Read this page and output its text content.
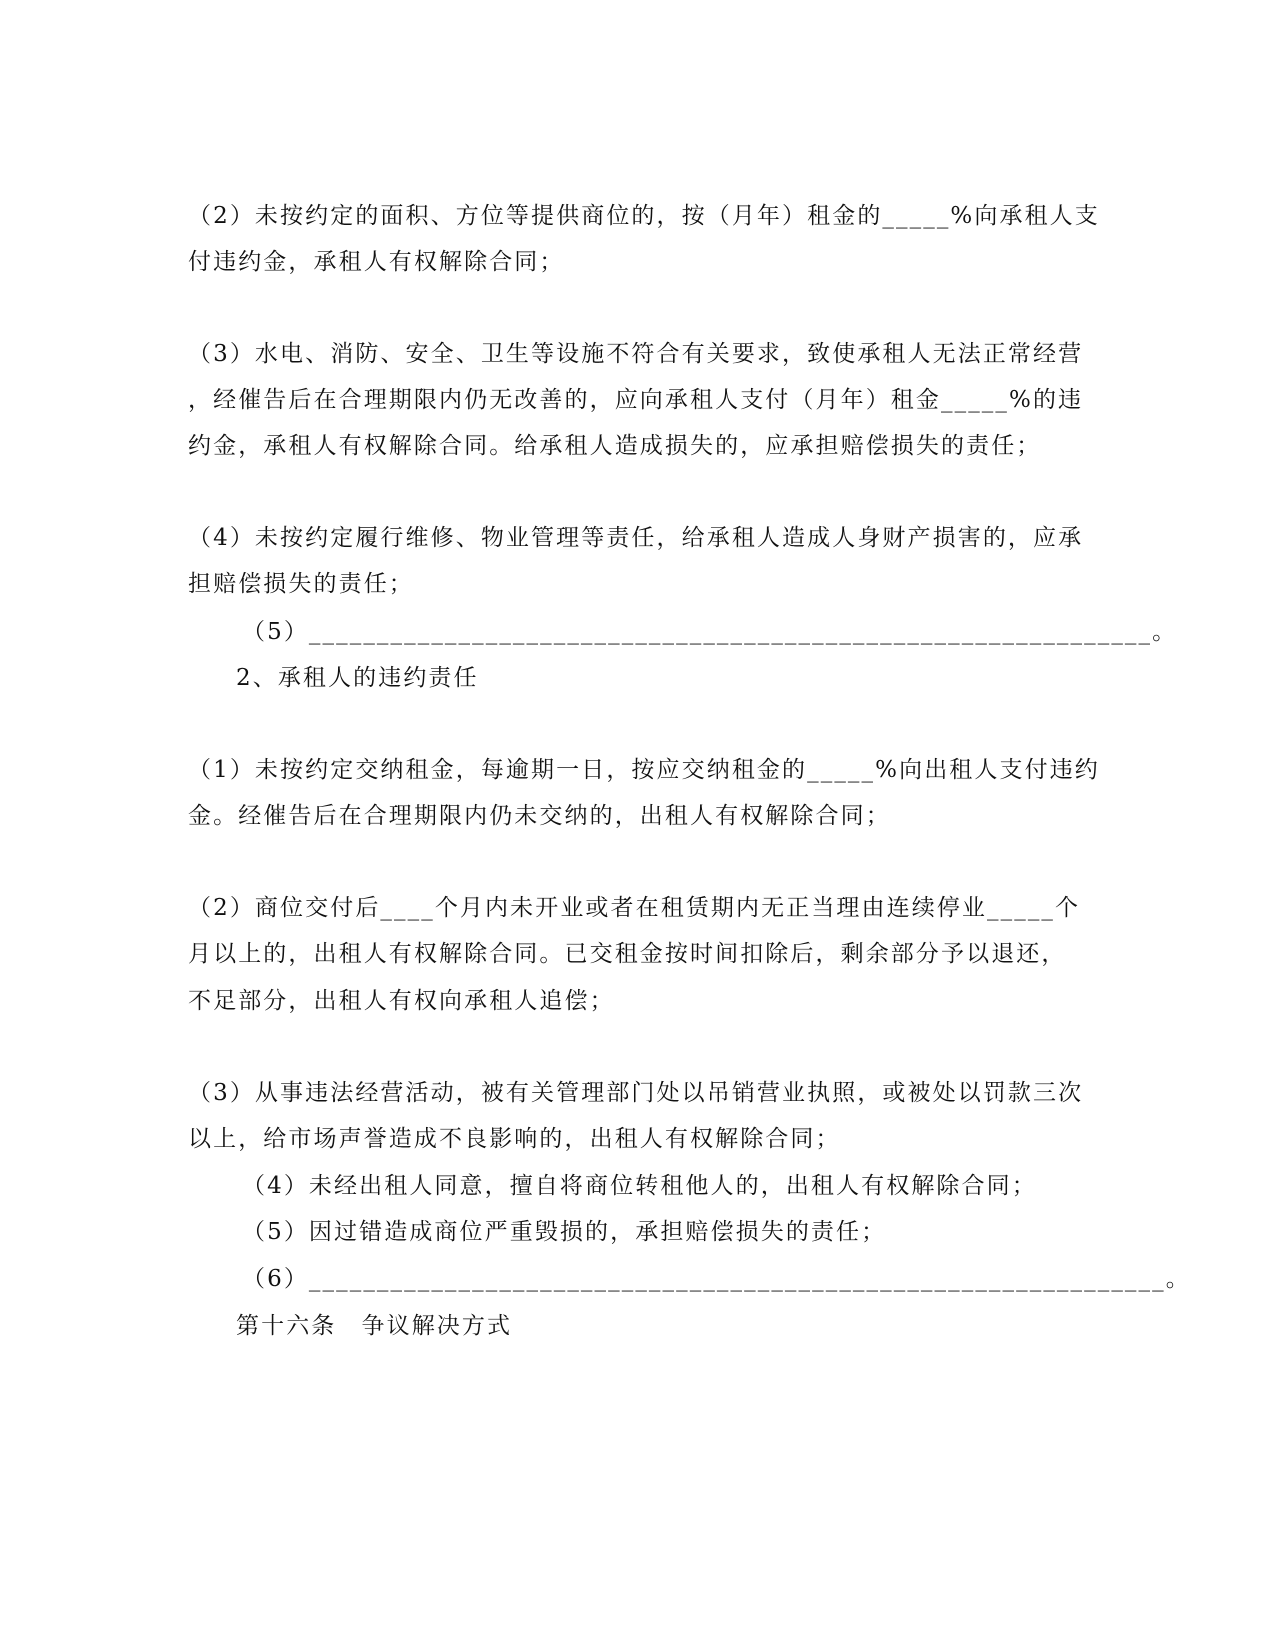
（2）未按约定的面积、方位等提供商位的，按（月年）租金的_____%向承租人支
付违约金，承租人有权解除合同；
（3）水电、消防、安全、卫生等设施不符合有关要求，致使承租人无法正常经营
，经催告后在合理期限内仍无改善的，应向承租人支付（月年）租金_____%的违
约金，承租人有权解除合同。给承租人造成损失的，应承担赔偿损失的责任；
（4）未按约定履行维修、物业管理等责任，给承租人造成人身财产损害的，应承
担赔偿损失的责任；
（5）______________________________________________________________。
2、承租人的违约责任
（1）未按约定交纳租金，每逾期一日，按应交纳租金的_____%向出租人支付违约
金。经催告后在合理期限内仍未交纳的，出租人有权解除合同；
（2）商位交付后____个月内未开业或者在租赁期内无正当理由连续停业_____个
月以上的，出租人有权解除合同。已交租金按时间扣除后，剩余部分予以退还，
不足部分，出租人有权向承租人追偿；
（3）从事违法经营活动，被有关管理部门处以吊销营业执照，或被处以罚款三次
以上，给市场声誉造成不良影响的，出租人有权解除合同；
（4）未经出租人同意，擅自将商位转租他人的，出租人有权解除合同；
（5）因过错造成商位严重毁损的，承担赔偿损失的责任；
（6）_______________________________________________________________。
第十六条　争议解决方式
